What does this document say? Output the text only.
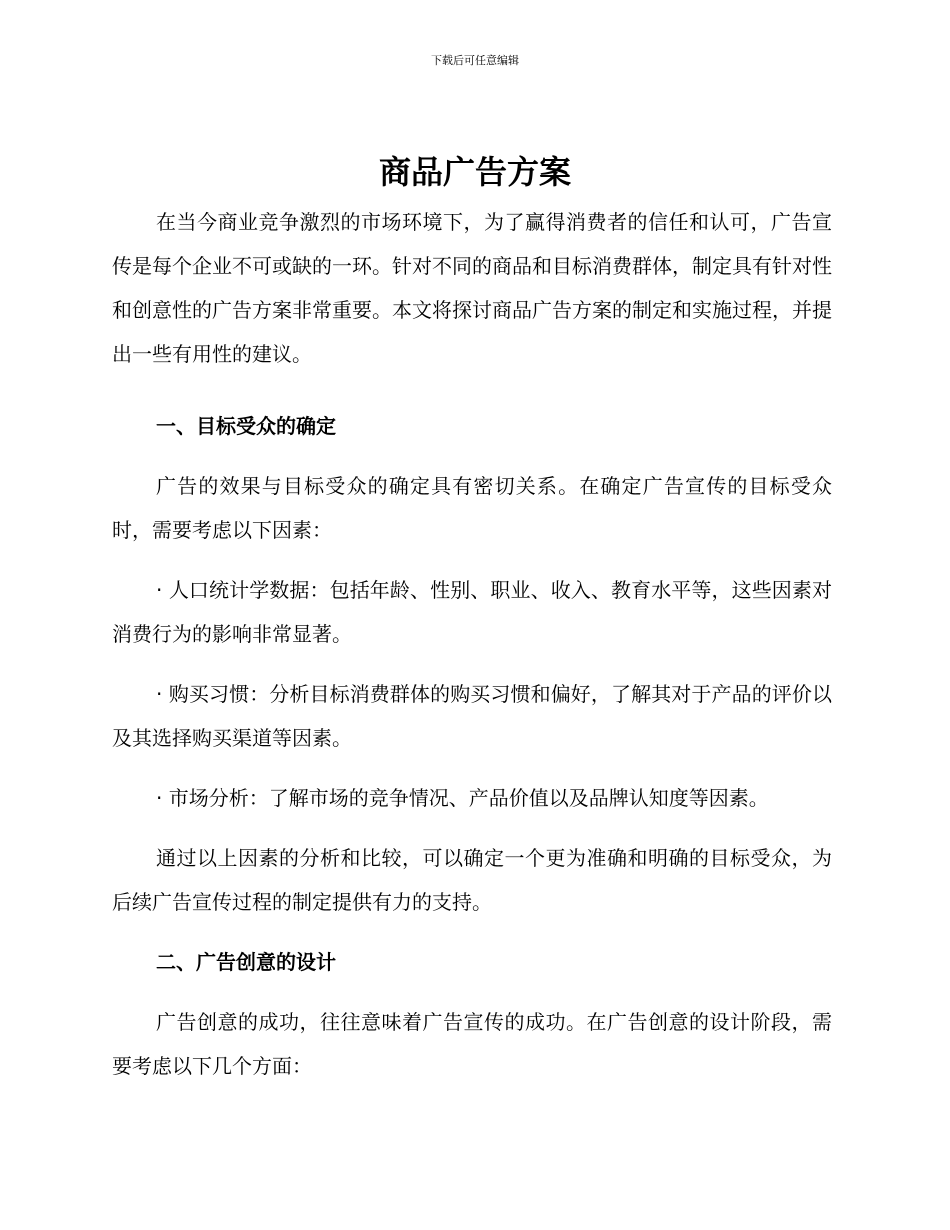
下载后可任意编辑
商品广告方案

在当今商业竞争激烈的市场环境下，为了赢得消费者的信任和认可，广告宣传是每个企业不可或缺的一环。针对不同的商品和目标消费群体，制定具有针对性和创意性的广告方案非常重要。本文将探讨商品广告方案的制定和实施过程，并提出一些有用性的建议。

一、目标受众的确定

广告的效果与目标受众的确定具有密切关系。在确定广告宣传的目标受众时，需要考虑以下因素：

· 人口统计学数据：包括年龄、性别、职业、收入、教育水平等，这些因素对消费行为的影响非常显著。

· 购买习惯：分析目标消费群体的购买习惯和偏好，了解其对于产品的评价以及其选择购买渠道等因素。

· 市场分析：了解市场的竞争情况、产品价值以及品牌认知度等因素。

通过以上因素的分析和比较，可以确定一个更为准确和明确的目标受众，为后续广告宣传过程的制定提供有力的支持。

二、广告创意的设计

广告创意的成功，往往意味着广告宣传的成功。在广告创意的设计阶段，需要考虑以下几个方面：
